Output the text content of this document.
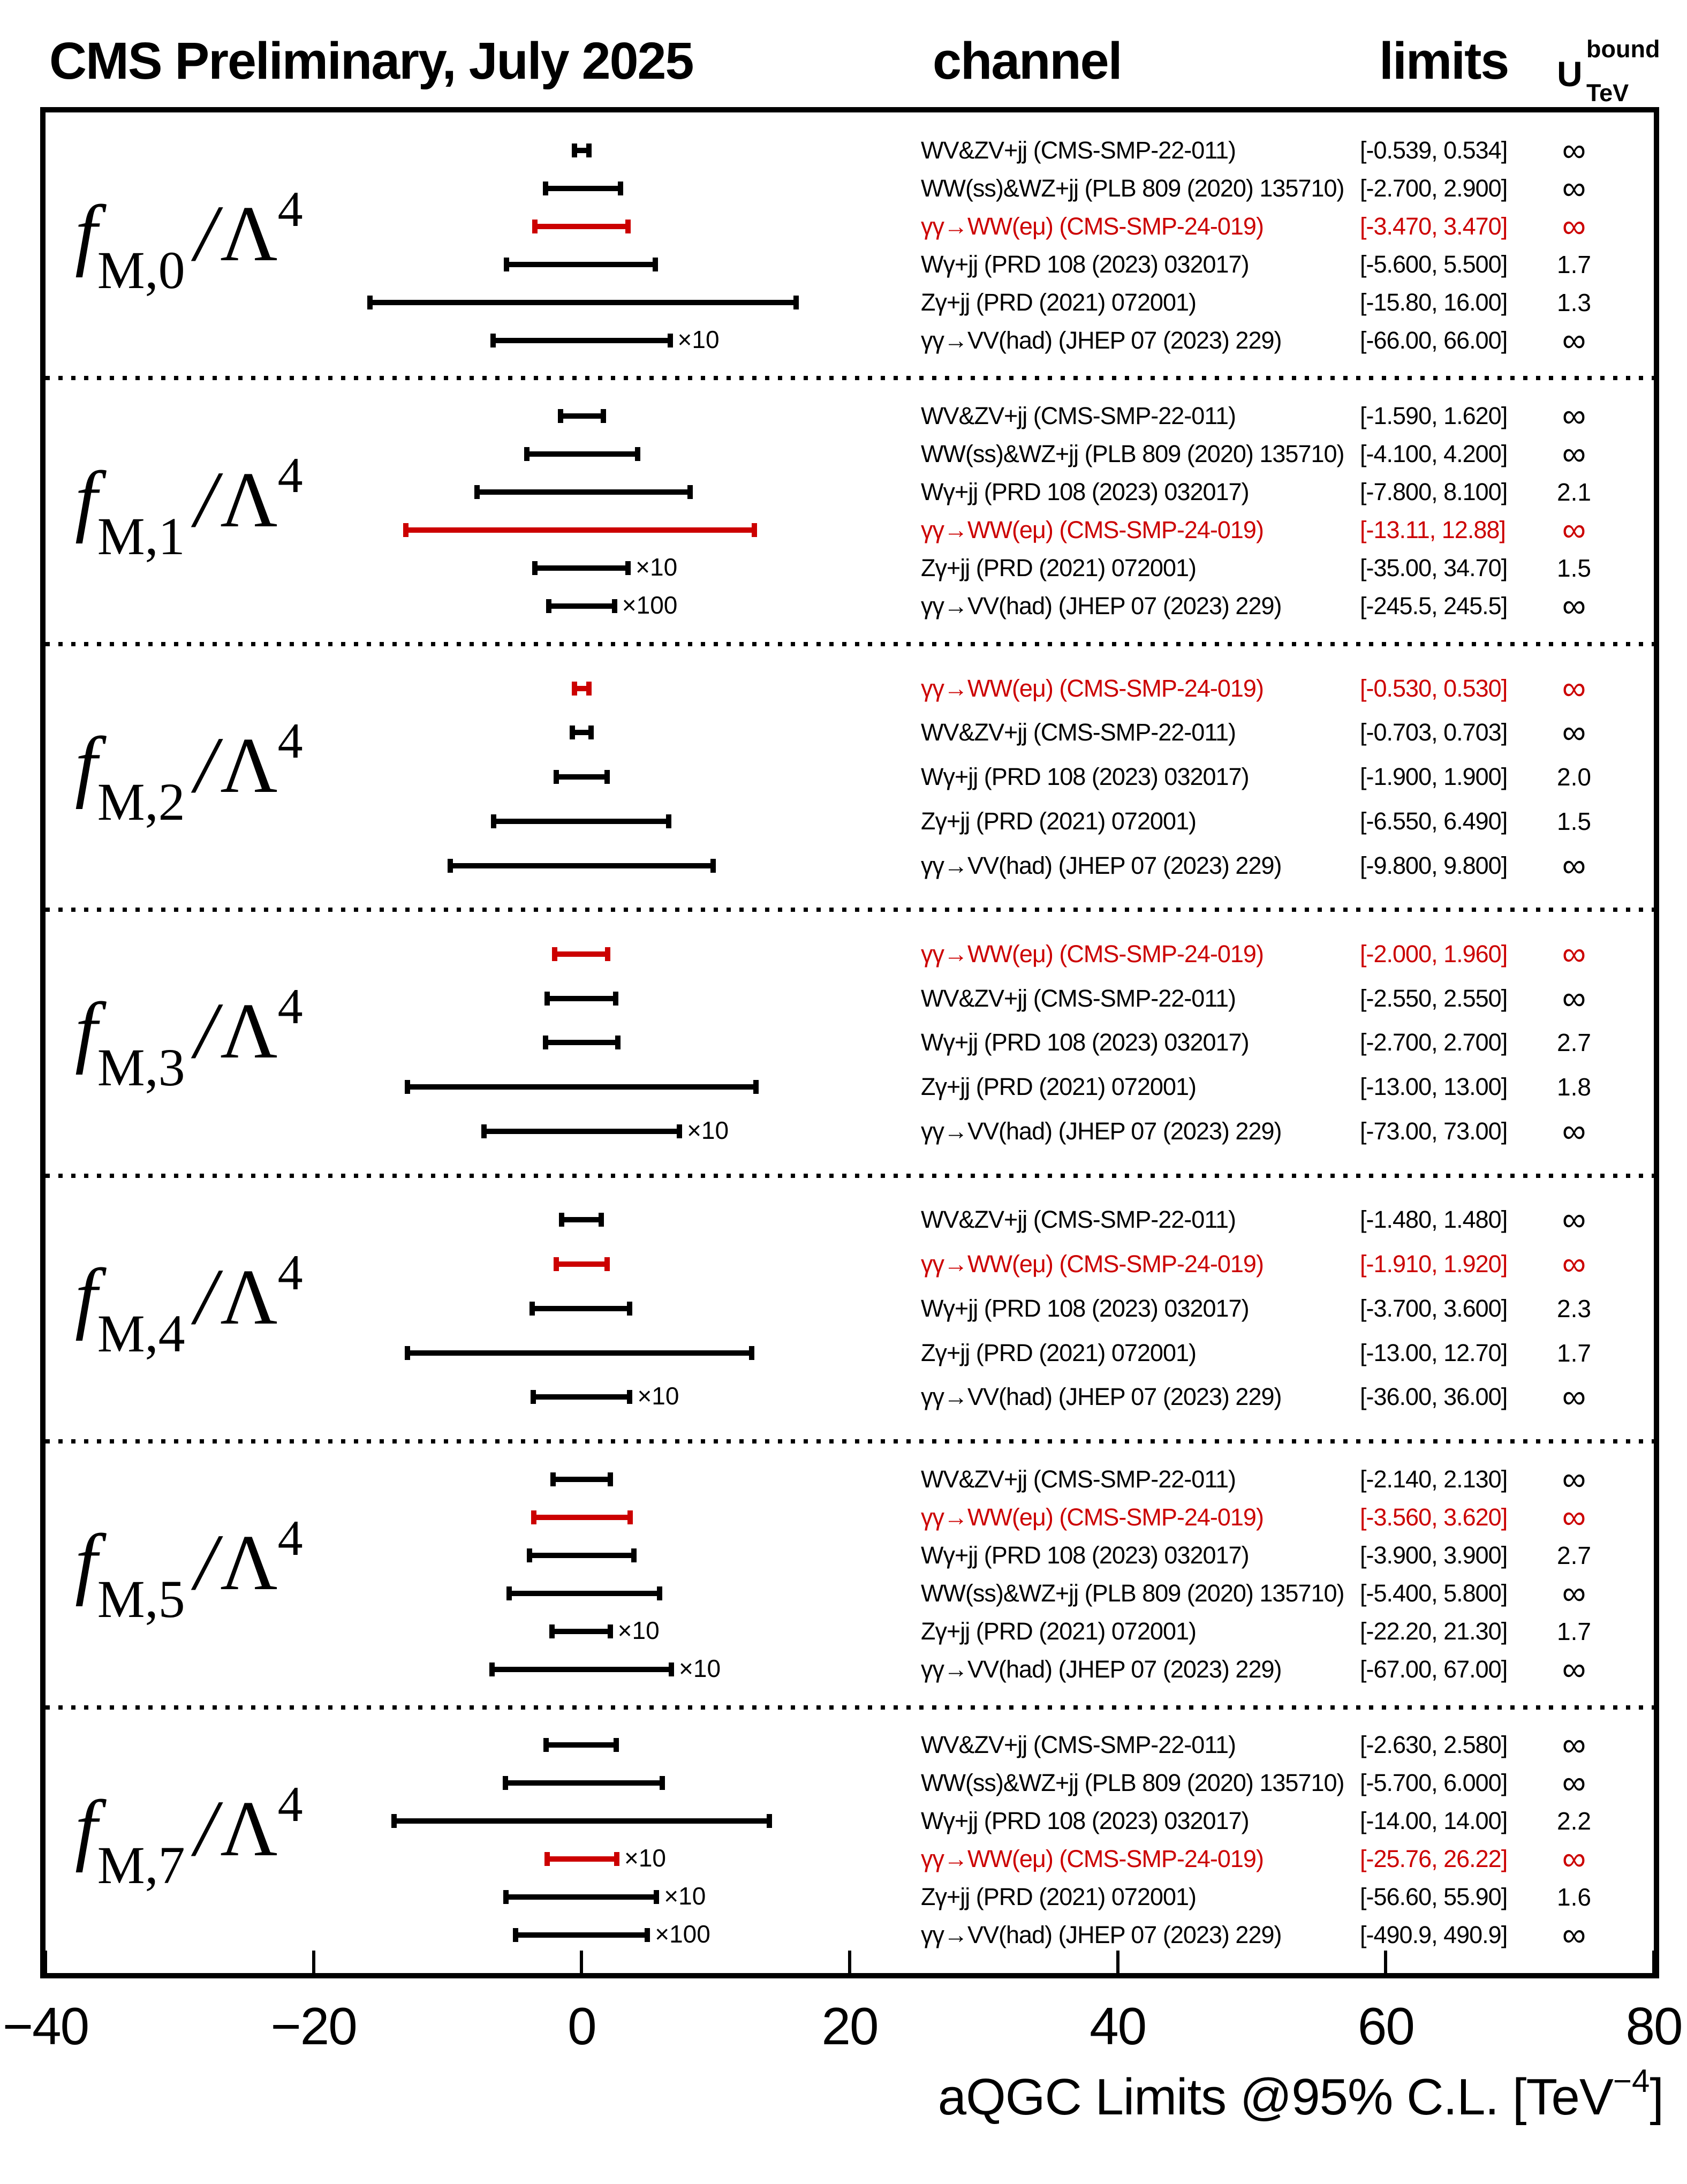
CMS Preliminary, July 2025	channel	limits U
bound
TeV
fM,0 /Λ4
WV&ZV+jj (CMS-SMP-22-011)	[-0.539, 0.534]	∞
WW(ss)&WZ+jj (PLB 809 (2020) 135710) [-2.700, 2.900]	∞
γγ→WW(eμ) (CMS-SMP-24-019)	[-3.470, 3.470]	∞
Wγ+jj (PRD 108 (2023) 032017)	[-5.600, 5.500]	1.7
Zγ+jj (PRD (2021) 072001)	[-15.80, 16.00]	1.3
×10	γγ→VV(had) (JHEP 07 (2023) 229)	[-66.00, 66.00]	∞
fM,1 /Λ4
WV&ZV+jj (CMS-SMP-22-011)	[-1.590, 1.620]	∞
WW(ss)&WZ+jj (PLB 809 (2020) 135710) [-4.100, 4.200]	∞
Wγ+jj (PRD 108 (2023) 032017)	[-7.800, 8.100]	2.1
γγ→WW(eμ) (CMS-SMP-24-019)	[-13.11, 12.88]	∞
×10	Zγ+jj (PRD (2021) 072001)	[-35.00, 34.70]	1.5
×100	γγ→VV(had) (JHEP 07 (2023) 229)	[-245.5, 245.5]	∞
fM,2 /Λ4
γγ→WW(eμ) (CMS-SMP-24-019)	[-0.530, 0.530]	∞
WV&ZV+jj (CMS-SMP-22-011)	[-0.703, 0.703]	∞
Wγ+jj (PRD 108 (2023) 032017)	[-1.900, 1.900]	2.0
Zγ+jj (PRD (2021) 072001)	[-6.550, 6.490]	1.5
γγ→VV(had) (JHEP 07 (2023) 229)	[-9.800, 9.800]	∞
fM,3 /Λ4
γγ→WW(eμ) (CMS-SMP-24-019)	[-2.000, 1.960]	∞
WV&ZV+jj (CMS-SMP-22-011)	[-2.550, 2.550]	∞
Wγ+jj (PRD 108 (2023) 032017)	[-2.700, 2.700]	2.7
Zγ+jj (PRD (2021) 072001)	[-13.00, 13.00]	1.8
×10	γγ→VV(had) (JHEP 07 (2023) 229)	[-73.00, 73.00]	∞
fM,4 /Λ4
WV&ZV+jj (CMS-SMP-22-011)	[-1.480, 1.480]	∞
γγ→WW(eμ) (CMS-SMP-24-019)	[-1.910, 1.920]	∞
Wγ+jj (PRD 108 (2023) 032017)	[-3.700, 3.600]	2.3
Zγ+jj (PRD (2021) 072001)	[-13.00, 12.70]	1.7
×10	γγ→VV(had) (JHEP 07 (2023) 229)	[-36.00, 36.00]	∞
fM,5 /Λ4
WV&ZV+jj (CMS-SMP-22-011)	[-2.140, 2.130]	∞
γγ→WW(eμ) (CMS-SMP-24-019)	[-3.560, 3.620]	∞
Wγ+jj (PRD 108 (2023) 032017)	[-3.900, 3.900]	2.7
WW(ss)&WZ+jj (PLB 809 (2020) 135710) [-5.400, 5.800]	∞
×10	Zγ+jj (PRD (2021) 072001)	[-22.20, 21.30]	1.7
×10	γγ→VV(had) (JHEP 07 (2023) 229)	[-67.00, 67.00]	∞
fM,7 /Λ4
WV&ZV+jj (CMS-SMP-22-011)	[-2.630, 2.580]	∞
WW(ss)&WZ+jj (PLB 809 (2020) 135710) [-5.700, 6.000]	∞
Wγ+jj (PRD 108 (2023) 032017)	[-14.00, 14.00]	2.2
×10	γγ→WW(eμ) (CMS-SMP-24-019)	[-25.76, 26.22]	∞
×10	Zγ+jj (PRD (2021) 072001)	[-56.60, 55.90]	1.6
×100	γγ→VV(had) (JHEP 07 (2023) 229)	[-490.9, 490.9]	∞
−40	−20	0	20	40	60	80
aQGC Limits @95% C.L. [TeV$^{-4}$]
